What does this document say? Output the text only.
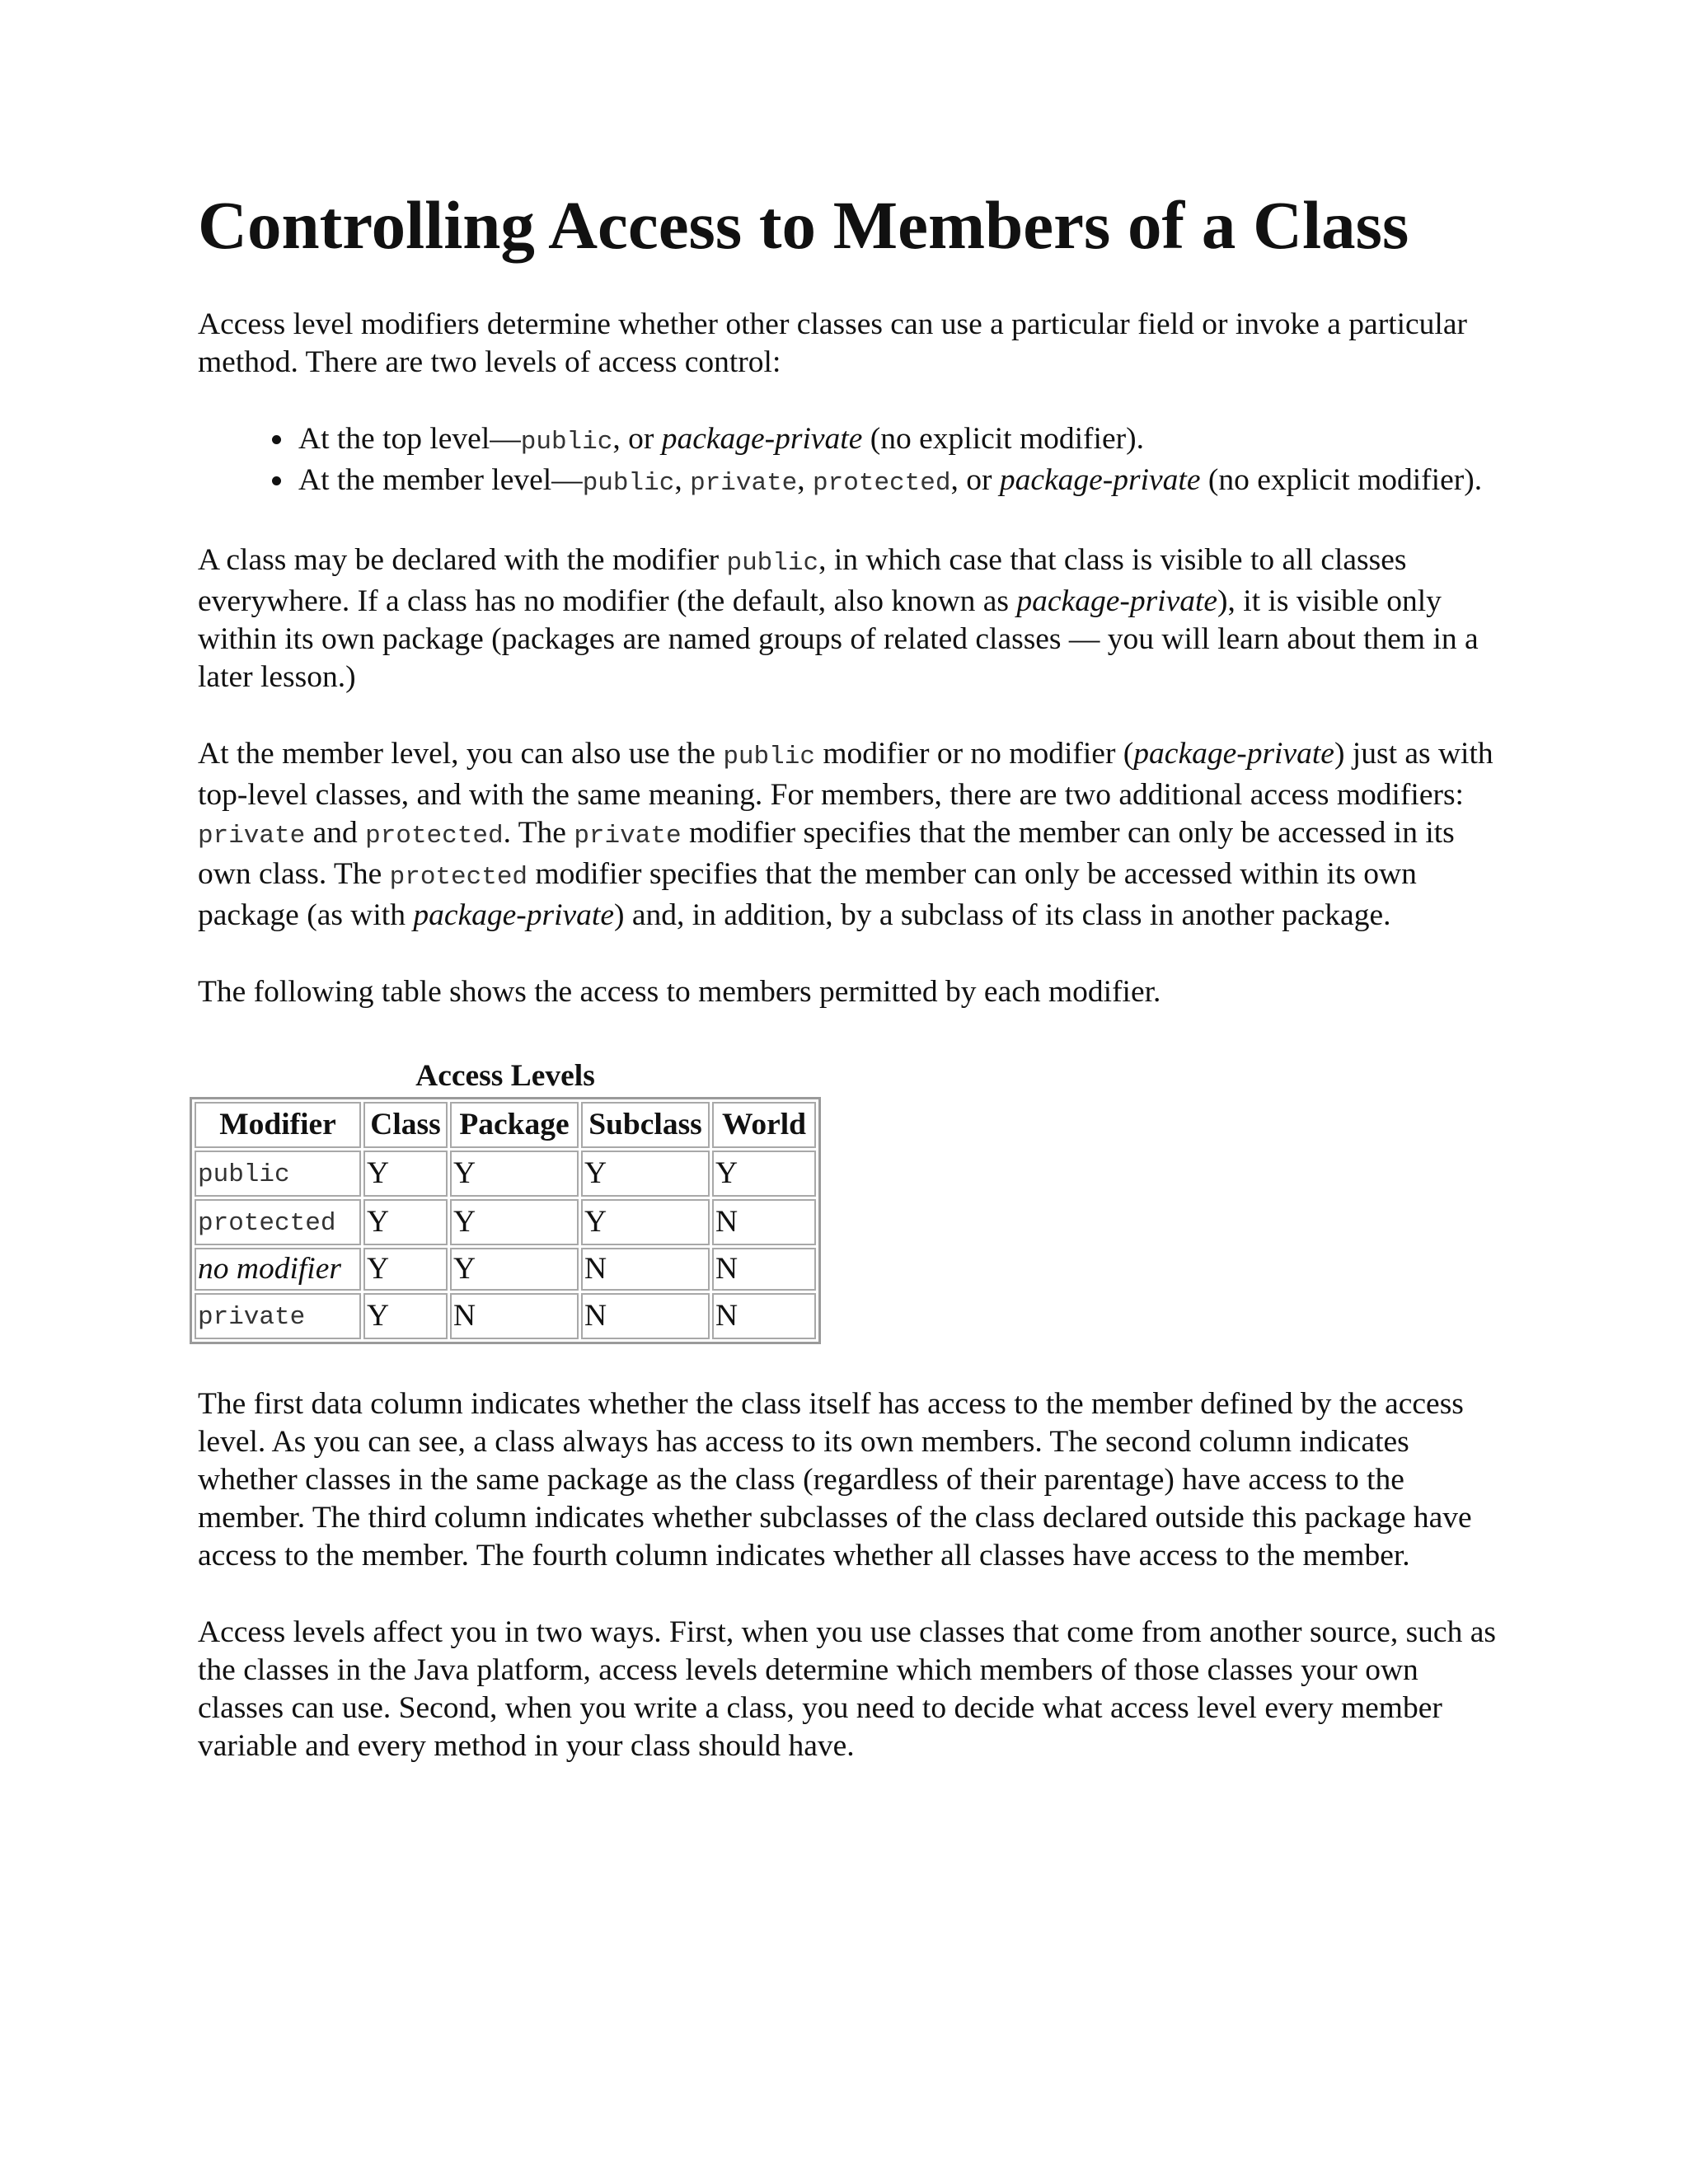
Controlling Access to Members of a Class

Access level modifiers determine whether other classes can use a particular field or invoke a particular method. There are two levels of access control:

• At the top level—public, or package-private (no explicit modifier).
• At the member level—public, private, protected, or package-private (no explicit modifier).

A class may be declared with the modifier public, in which case that class is visible to all classes everywhere. If a class has no modifier (the default, also known as package-private), it is visible only within its own package (packages are named groups of related classes — you will learn about them in a later lesson.)

At the member level, you can also use the public modifier or no modifier (package-private) just as with top-level classes, and with the same meaning. For members, there are two additional access modifiers: private and protected. The private modifier specifies that the member can only be accessed in its own class. The protected modifier specifies that the member can only be accessed within its own package (as with package-private) and, in addition, by a subclass of its class in another package.

The following table shows the access to members permitted by each modifier.

Access Levels
Modifier	Class	Package	Subclass	World
public	Y	Y	Y	Y
protected	Y	Y	Y	N
no modifier	Y	Y	N	N
private	Y	N	N	N

The first data column indicates whether the class itself has access to the member defined by the access level. As you can see, a class always has access to its own members. The second column indicates whether classes in the same package as the class (regardless of their parentage) have access to the member. The third column indicates whether subclasses of the class declared outside this package have access to the member. The fourth column indicates whether all classes have access to the member.

Access levels affect you in two ways. First, when you use classes that come from another source, such as the classes in the Java platform, access levels determine which members of those classes your own classes can use. Second, when you write a class, you need to decide what access level every member variable and every method in your class should have.
